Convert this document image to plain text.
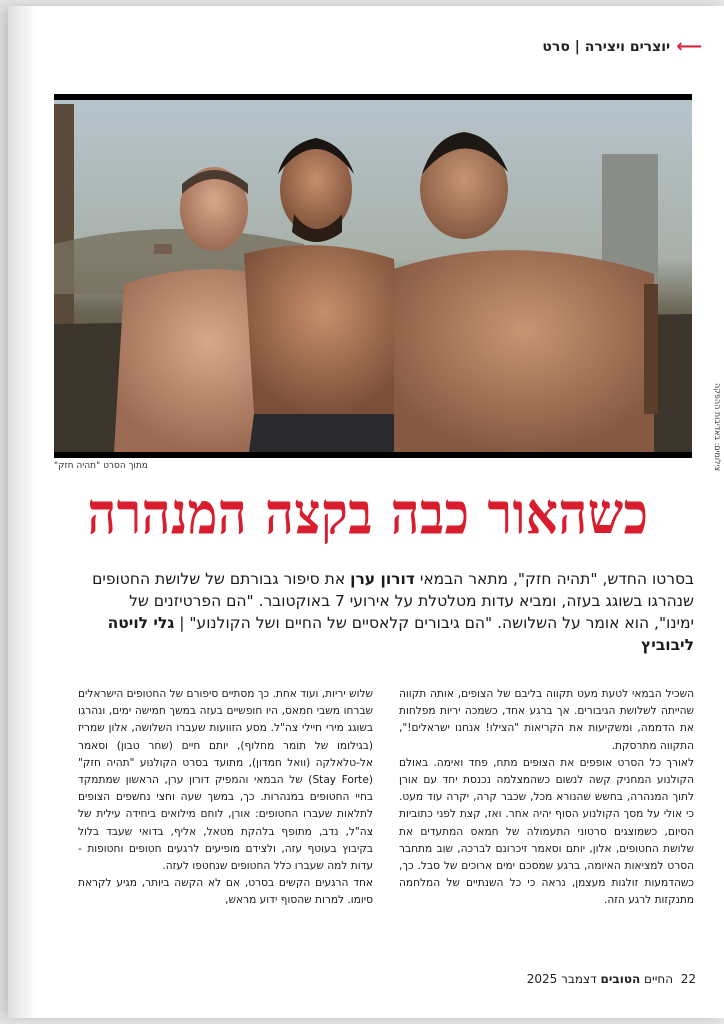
⟵
יוצרים ויצירה | סרט
צילומים: באדיבות ההפקה
מתוך הסרט "תהיה חזק"
כשהאור כבה בקצה המנהרה
בסרטו החדש, "תהיה חזק", מתאר הבמאי דורון ערן את סיפור גבורתם של שלושת החטופים שנהרגו בשוגג בעזה, ומביא עדות מטלטלת על אירועי 7 באוקטובר. "הם הפרטיזנים של ימינו", הוא אומר על השלושה. "הם גיבורים קלאסיים של החיים ושל הקולנוע" | גלי לויטה ליבוביץ

שלוש יריות, ועוד אחת. כך מסתיים סיפורם של החטופים הישראלים שברחו משבי חמאס, היו חופשיים בעזה במשך חמישה ימים, ונהרגו בשוגג מירי חיילי צה"ל. מסע הזוועות שעברו השלושה, אלון שמריז (בגילומו של תומר מחלוף), יותם חיים (שחר טבון) וסאמר אל-טלאלקה (וואל חמדון), מתועד בסרט הקולנוע "תהיה חזק" (Stay Forte) של הבמאי והמפיק דורון ערן, הראשון שמתמקד בחיי החטופים במנהרות. כך, במשך שעה וחצי נחשפים הצופים לתלאות שעברו החטופים: אורן, לוחם מילואים ביחידה עילית של צה"ל, נדב, מתופף בלהקת מטאל, אליף, בדואי שעבד בלול בקיבוץ בעוטף עזה, ולצידם מופיעים לרגעים חטופים וחטופות - עדות למה שעברו כלל החטופים שנחטפו לעזה.

אחד הרגעים הקשים בסרט, אם לא הקשה ביותר, מגיע לקראת סיומו. למרות שהסוף ידוע מראש,

השכיל הבמאי לטעת מעט תקווה בליבם של הצופים, אותה תקווה שהייתה לשלושת הגיבורים. אך ברגע אחד, כשמכה יריות מפלחות את הדממה, ומשקיעות את הקריאות "הצילו! אנחנו ישראלים!", התקווה מתרסקת.

לאורך כל הסרט אופפים את הצופים מתח, פחד ואימה. באולם הקולנוע המחניק קשה לנשום כשהמצלמה נכנסת יחד עם אורן לתוך המנהרה, בחשש שהנורא מכל, שכבר קרה, יקרה עוד מעט. כי אולי על מסך הקולנוע הסוף יהיה אחר. ואז, קצת לפני כתוביות הסיום, כשמוצגים סרטוני התעמולה של חמאס המתעדים את שלושת החטופים, אלון, יותם וסאמר זיכרונם לברכה, שוב מתחבר הסרט למציאות האיומה, ברגע שמסכם ימים ארוכים של סבל. כך, כשהדמעות זולגות מעצמן, נראה כי כל השנתיים של המלחמה מתנקזות לרגע הזה.

22  החיים הטובים דצמבר 2025
